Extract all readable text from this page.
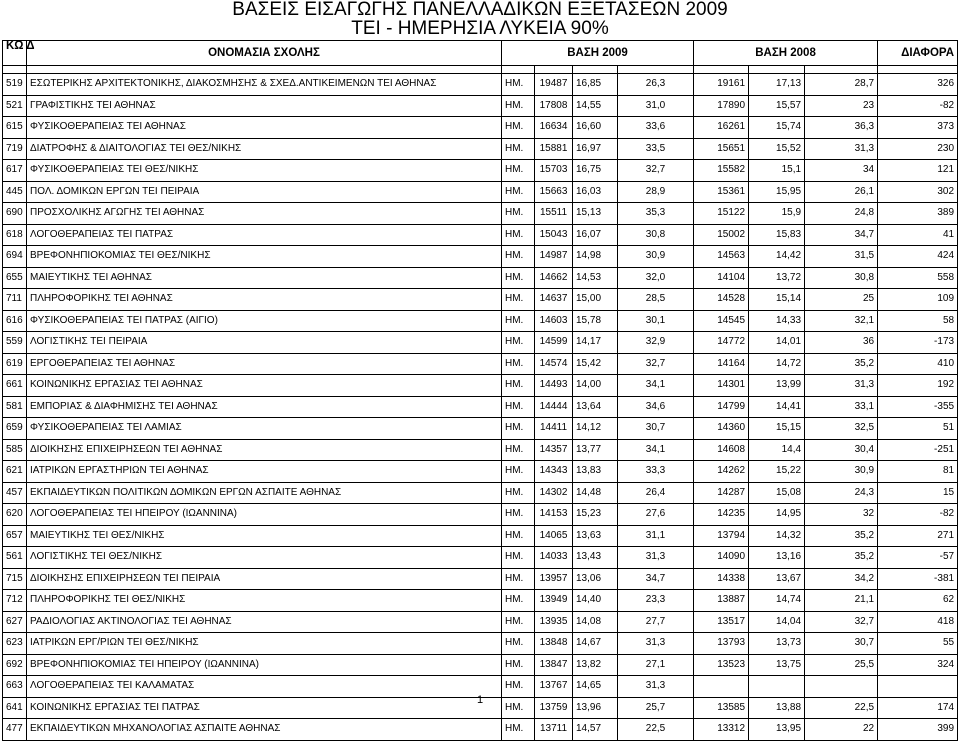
ΒΑΣΕΙΣ ΕΙΣΑΓΩΓΗΣ ΠΑΝΕΛΛΑΔΙΚΩΝ ΕΞΕΤΑΣΕΩΝ 2009
ΤΕΙ - ΗΜΕΡΗΣΙΑ ΛΥΚΕΙΑ 90%
ΚΩ Δ	ΟΝΟΜΑΣΙΑ ΣΧΟΛΗΣ	ΒΑΣΗ 2009				ΒΑΣΗ 2008			ΔΙΑΦΟΡΑ

519	ΕΣΩΤΕΡΙΚΗΣ ΑΡΧΙΤΕΚΤΟΝΙΚΗΣ, ΔΙΑΚΟΣΜΗΣΗΣ & ΣΧΕΔ.ΑΝΤΙΚΕΙΜΕΝΩΝ ΤΕΙ ΑΘΗΝΑΣ	ΗΜ.	19487	16,85	26,3	19161	17,13	28,7	326
521	ΓΡΑΦΙΣΤΙΚΗΣ ΤΕΙ ΑΘΗΝΑΣ	ΗΜ.	17808	14,55	31,0	17890	15,57	23	-82
615	ΦΥΣΙΚΟΘΕΡΑΠΕΙΑΣ ΤΕΙ ΑΘΗΝΑΣ	ΗΜ.	16634	16,60	33,6	16261	15,74	36,3	373
719	ΔΙΑΤΡΟΦΗΣ & ΔΙΑΙΤΟΛΟΓΙΑΣ ΤΕΙ ΘΕΣ/ΝΙΚΗΣ	ΗΜ.	15881	16,97	33,5	15651	15,52	31,3	230
617	ΦΥΣΙΚΟΘΕΡΑΠΕΙΑΣ ΤΕΙ ΘΕΣ/ΝΙΚΗΣ	ΗΜ.	15703	16,75	32,7	15582	15,1	34	121
445	ΠΟΛ. ΔΟΜΙΚΩΝ ΕΡΓΩΝ ΤΕΙ ΠΕΙΡΑΙΑ	ΗΜ.	15663	16,03	28,9	15361	15,95	26,1	302
690	ΠΡΟΣΧΟΛΙΚΗΣ ΑΓΩΓΗΣ ΤΕΙ ΑΘΗΝΑΣ	ΗΜ.	15511	15,13	35,3	15122	15,9	24,8	389
618	ΛΟΓΟΘΕΡΑΠΕΙΑΣ ΤΕΙ ΠΑΤΡΑΣ	ΗΜ.	15043	16,07	30,8	15002	15,83	34,7	41
694	ΒΡΕΦΟΝΗΠΙΟΚΟΜΙΑΣ ΤΕΙ ΘΕΣ/ΝΙΚΗΣ	ΗΜ.	14987	14,98	30,9	14563	14,42	31,5	424
655	ΜΑΙΕΥΤΙΚΗΣ ΤΕΙ ΑΘΗΝΑΣ	ΗΜ.	14662	14,53	32,0	14104	13,72	30,8	558
711	ΠΛΗΡΟΦΟΡΙΚΗΣ ΤΕΙ ΑΘΗΝΑΣ	ΗΜ.	14637	15,00	28,5	14528	15,14	25	109
616	ΦΥΣΙΚΟΘΕΡΑΠΕΙΑΣ ΤΕΙ ΠΑΤΡΑΣ (ΑΙΓΙΟ)	ΗΜ.	14603	15,78	30,1	14545	14,33	32,1	58
559	ΛΟΓΙΣΤΙΚΗΣ ΤΕΙ ΠΕΙΡΑΙΑ	ΗΜ.	14599	14,17	32,9	14772	14,01	36	-173
619	ΕΡΓΟΘΕΡΑΠΕΙΑΣ ΤΕΙ ΑΘΗΝΑΣ	ΗΜ.	14574	15,42	32,7	14164	14,72	35,2	410
661	ΚΟΙΝΩΝΙΚΗΣ ΕΡΓΑΣΙΑΣ ΤΕΙ ΑΘΗΝΑΣ	ΗΜ.	14493	14,00	34,1	14301	13,99	31,3	192
581	ΕΜΠΟΡΙΑΣ & ΔΙΑΦΗΜΙΣΗΣ ΤΕΙ ΑΘΗΝΑΣ	ΗΜ.	14444	13,64	34,6	14799	14,41	33,1	-355
659	ΦΥΣΙΚΟΘΕΡΑΠΕΙΑΣ ΤΕΙ ΛΑΜΙΑΣ	ΗΜ.	14411	14,12	30,7	14360	15,15	32,5	51
585	ΔΙΟΙΚΗΣΗΣ ΕΠΙΧΕΙΡΗΣΕΩΝ ΤΕΙ ΑΘΗΝΑΣ	ΗΜ.	14357	13,77	34,1	14608	14,4	30,4	-251
621	ΙΑΤΡΙΚΩΝ ΕΡΓΑΣΤΗΡΙΩΝ ΤΕΙ ΑΘΗΝΑΣ	ΗΜ.	14343	13,83	33,3	14262	15,22	30,9	81
457	ΕΚΠΑΙΔΕΥΤΙΚΩΝ ΠΟΛΙΤΙΚΩΝ ΔΟΜΙΚΩΝ ΕΡΓΩΝ ΑΣΠΑΙΤΕ ΑΘΗΝΑΣ	ΗΜ.	14302	14,48	26,4	14287	15,08	24,3	15
620	ΛΟΓΟΘΕΡΑΠΕΙΑΣ ΤΕΙ ΗΠΕΙΡΟΥ (ΙΩΑΝΝΙΝΑ)	ΗΜ.	14153	15,23	27,6	14235	14,95	32	-82
657	ΜΑΙΕΥΤΙΚΗΣ ΤΕΙ ΘΕΣ/ΝΙΚΗΣ	ΗΜ.	14065	13,63	31,1	13794	14,32	35,2	271
561	ΛΟΓΙΣΤΙΚΗΣ ΤΕΙ ΘΕΣ/ΝΙΚΗΣ	ΗΜ.	14033	13,43	31,3	14090	13,16	35,2	-57
715	ΔΙΟΙΚΗΣΗΣ ΕΠΙΧΕΙΡΗΣΕΩΝ ΤΕΙ ΠΕΙΡΑΙΑ	ΗΜ.	13957	13,06	34,7	14338	13,67	34,2	-381
712	ΠΛΗΡΟΦΟΡΙΚΗΣ ΤΕΙ ΘΕΣ/ΝΙΚΗΣ	ΗΜ.	13949	14,40	23,3	13887	14,74	21,1	62
627	ΡΑΔΙΟΛΟΓΙΑΣ ΑΚΤΙΝΟΛΟΓΙΑΣ ΤΕΙ ΑΘΗΝΑΣ	ΗΜ.	13935	14,08	27,7	13517	14,04	32,7	418
623	ΙΑΤΡΙΚΩΝ ΕΡΓ/ΡΙΩΝ ΤΕΙ ΘΕΣ/ΝΙΚΗΣ	ΗΜ.	13848	14,67	31,3	13793	13,73	30,7	55
692	ΒΡΕΦΟΝΗΠΙΟΚΟΜΙΑΣ ΤΕΙ ΗΠΕΙΡΟΥ (ΙΩΑΝΝΙΝΑ)	ΗΜ.	13847	13,82	27,1	13523	13,75	25,5	324
663	ΛΟΓΟΘΕΡΑΠΕΙΑΣ ΤΕΙ ΚΑΛΑΜΑΤΑΣ	ΗΜ.	13767	14,65	31,3				
641	ΚΟΙΝΩΝΙΚΗΣ ΕΡΓΑΣΙΑΣ ΤΕΙ ΠΑΤΡΑΣ	ΗΜ.	13759	13,96	25,7	13585	13,88	22,5	174
477	ΕΚΠΑΙΔΕΥΤΙΚΩΝ ΜΗΧΑΝΟΛΟΓΙΑΣ ΑΣΠΑΙΤΕ ΑΘΗΝΑΣ	ΗΜ.	13711	14,57	22,5	13312	13,95	22	399
1
